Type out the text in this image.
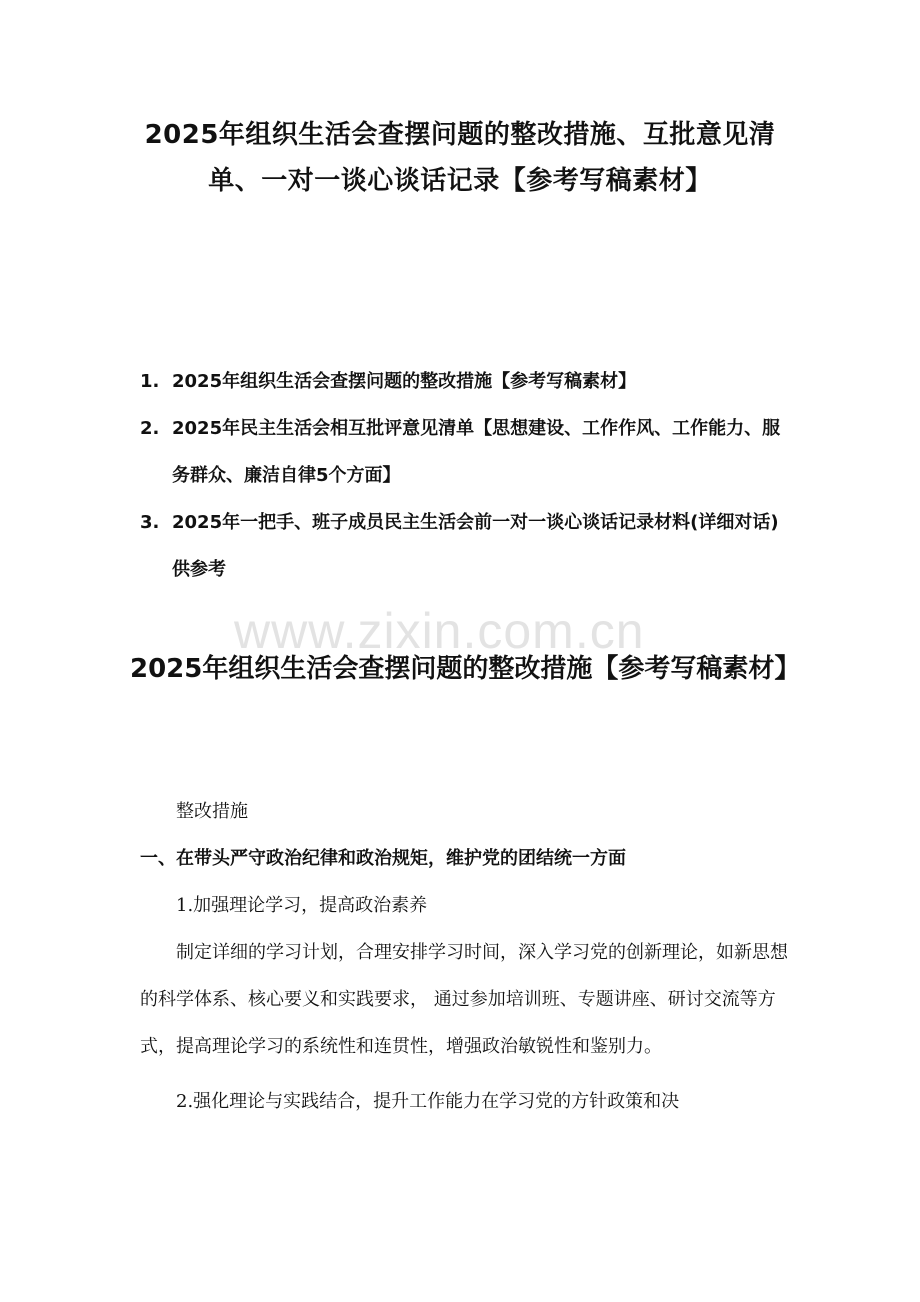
2025年组织生活会查摆问题的整改措施、互批意见清单、一对一谈心谈话记录【参考写稿素材】
1. 2025年组织生活会查摆问题的整改措施【参考写稿素材】
2. 2025年民主生活会相互批评意见清单【思想建设、工作作风、工作能力、服务群众、廉洁自律5个方面】
3. 2025年一把手、班子成员民主生活会前一对一谈心谈话记录材料(详细对话)供参考
www.zixin.com.cn
2025年组织生活会查摆问题的整改措施【参考写稿素材】

整改措施

一、在带头严守政治纪律和政治规矩，维护党的团结统一方面

1.加强理论学习，提高政治素养

制定详细的学习计划，合理安排学习时间，深入学习党的创新理论，如新思想的科学体系、核心要义和实践要求， 通过参加培训班、专题讲座、研讨交流等方式，提高理论学习的系统性和连贯性，增强政治敏锐性和鉴别力。

2.强化理论与实践结合，提升工作能力在学习党的方针政策和决
